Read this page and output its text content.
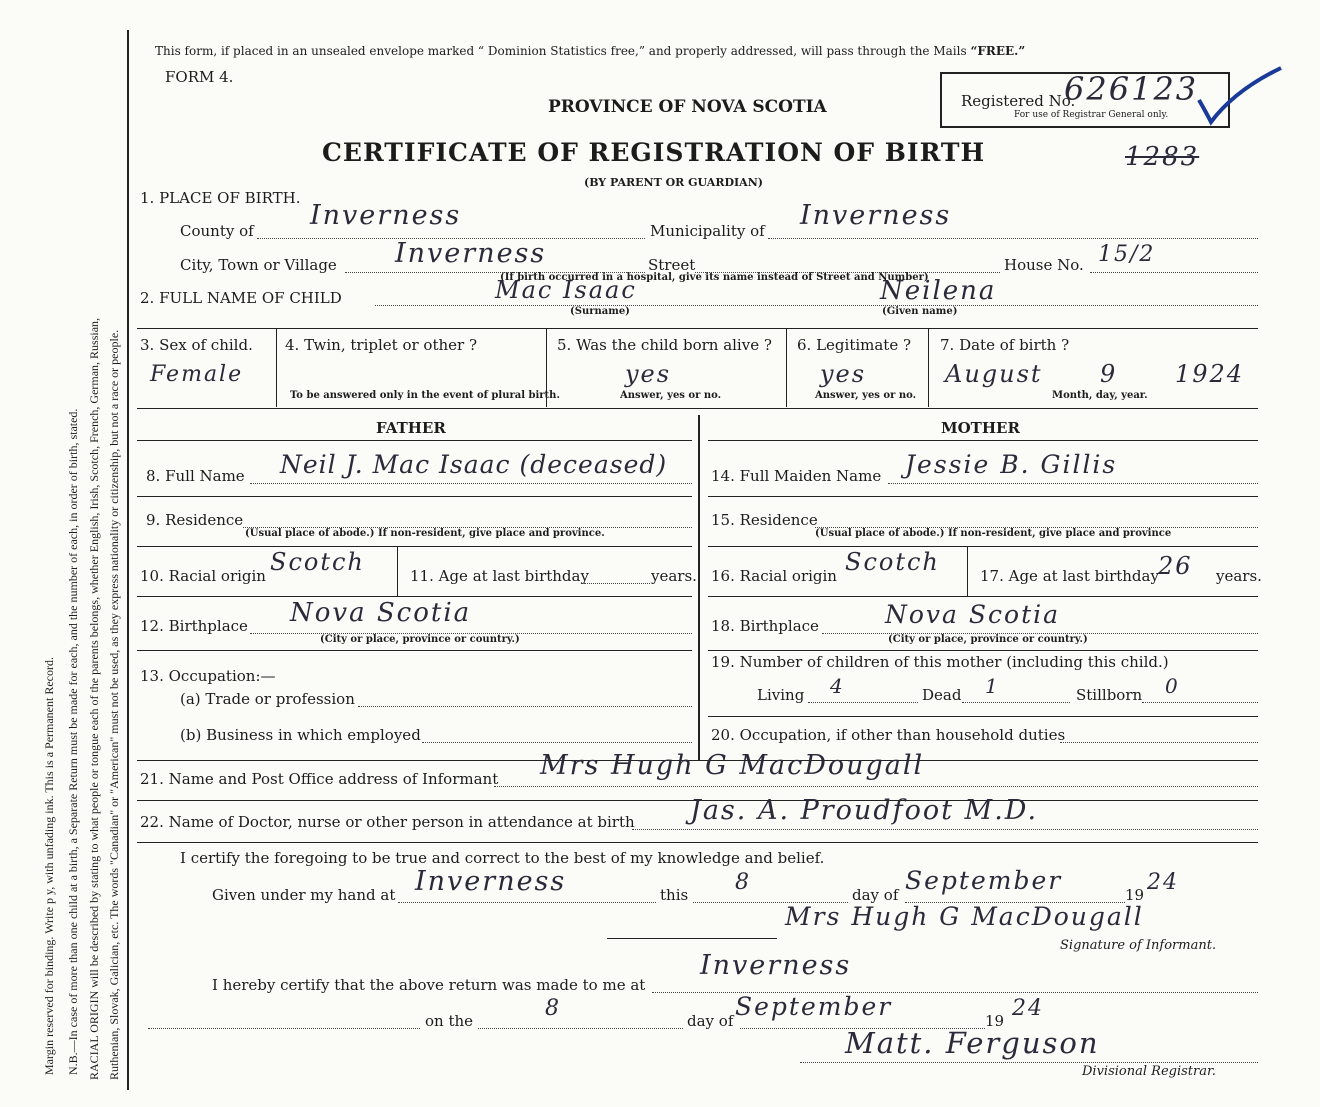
Margin reserved for binding. Write p y, with unfading ink. This is a Permanent Record. N.B.—In case of more than one child at a birth, a Separate Return must be made for each, and the number of each, in order of birth, stated. RACIAL ORIGIN will be described by stating to what people or tongue each of the parents belongs, whether English, Irish, Scotch, French, German, Russian, Ruthenian, Slovak, Galician, etc. The words "Canadian" or "American" must not be used, as they express nationality or citizenship, but not a race or people.
This form, if placed in an unsealed envelope marked “ Dominion Statistics free,” and properly addressed, will pass through the Mails “FREE.”
FORM 4.
PROVINCE OF NOVA SCOTIA
CERTIFICATE OF REGISTRATION OF BIRTH
(BY PARENT OR GUARDIAN)
Registered No.
626123
For use of Registrar General only.
1283
1. PLACE OF BIRTH.
County of Inverness	Municipality of Inverness
City, Town or Village Inverness	Street	House No. 15/2
(If birth occurred in a hospital, give its name instead of Street and Number)
2. FULL NAME OF CHILD	Mac Isaac	Neilena
(Surname)	(Given name)
3. Sex of child.
Female
4. Twin, triplet or other ?
To be answered only in the event of plural birth.
5. Was the child born alive ?
yes
Answer, yes or no.
6. Legitimate ?
yes
Answer, yes or no.
7. Date of birth ?
August 9 1924
Month, day, year.
FATHER	MOTHER
8. Full Name Neil J. Mac Isaac (deceased)
9. Residence
(Usual place of abode.) If non-resident, give place and province.
10. Racial origin Scotch	11. Age at last birthday	years.
12. Birthplace Nova Scotia
(City or place, province or country.)
13. Occupation:—
(a) Trade or profession
(b) Business in which employed
14. Full Maiden Name Jessie B. Gillis
15. Residence
(Usual place of abode.) If non-resident, give place and province
16. Racial origin Scotch	17. Age at last birthday 26 years.
18. Birthplace	Nova Scotia
(City or place, province or country.)
19. Number of children of this mother (including this child.)
Living 4	Dead 1	Stillborn 0
20. Occupation, if other than household duties
21. Name and Post Office address of Informant Mrs Hugh G MacDougall
22. Name of Doctor, nurse or other person in attendance at birth Jas. A. Proudfoot M.D.
I certify the foregoing to be true and correct to the best of my knowledge and belief.
Given under my hand at Inverness	this 8	day of September	19 24
Mrs Hugh G MacDougall
Signature of Informant.
I hereby certify that the above return was made to me at
Inverness
on the	8	day of September	19 24
Matt. Ferguson
Divisional Registrar.
